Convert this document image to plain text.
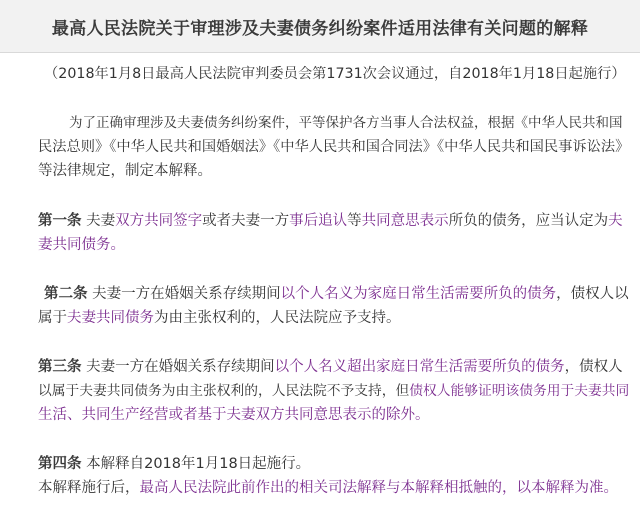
最高人民法院关于审理涉及夫妻债务纠纷案件适用法律有关问题的解释
（2018年1月8日最高人民法院审判委员会第1731次会议通过，自2018年1月18日起施行）
为了正确审理涉及夫妻债务纠纷案件，平等保护各方当事人合法权益，根据《中华人民共和国
民法总则》《中华人民共和国婚姻法》《中华人民共和国合同法》《中华人民共和国民事诉讼法》
等法律规定，制定本解释。
第一条 夫妻双方共同签字或者夫妻一方事后追认等共同意思表示所负的债务，应当认定为夫
妻共同债务。
第二条 夫妻一方在婚姻关系存续期间以个人名义为家庭日常生活需要所负的债务，债权人以
属于夫妻共同债务为由主张权利的，人民法院应予支持。
第三条 夫妻一方在婚姻关系存续期间以个人名义超出家庭日常生活需要所负的债务，债权人
以属于夫妻共同债务为由主张权利的，人民法院不予支持，但债权人能够证明该债务用于夫妻共同
生活、共同生产经营或者基于夫妻双方共同意思表示的除外。
第四条 本解释自2018年1月18日起施行。
本解释施行后，最高人民法院此前作出的相关司法解释与本解释相抵触的，以本解释为准。
